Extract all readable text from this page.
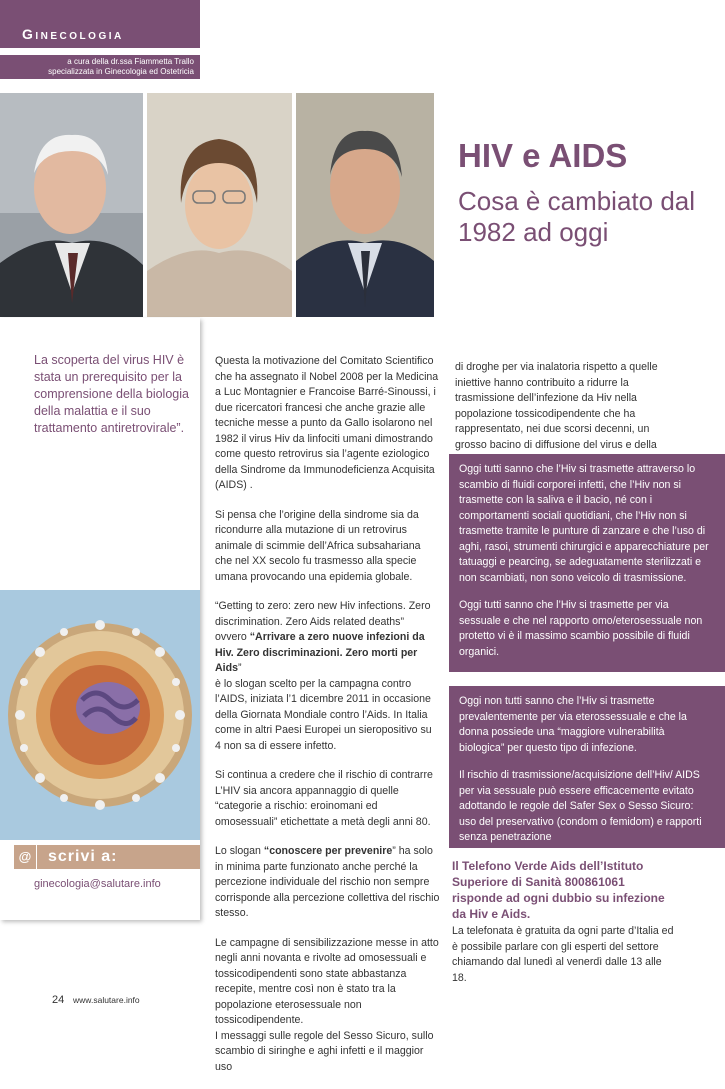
Ginecologia
a cura della dr.ssa Fiammetta Trallo
specializzata in Ginecologia ed Ostetricia
HIV e AIDS
Cosa è cambiato dal 1982 ad oggi
La scoperta del virus HIV è stata un prerequisito per la comprensione della biologia della malattia e il suo trattamento antiretrovirale”.
@	scrivi a:
ginecologia@salutare.info

Questa la motivazione del Comitato Scientifico che ha assegnato il Nobel 2008 per la Medicina a Luc Montagnier e Francoise Barré-Sinoussi, i due ricercatori francesi che anche grazie alle tecniche messe a punto da Gallo isolarono nel 1982 il virus Hiv da linfociti umani dimostrando come questo retrovirus sia l’agente eziologico della Sindrome da Immunodeficienza Acquisita (AIDS) .

Si pensa che l’origine della sindrome sia da ricondurre alla mutazione di un retrovirus animale di scimmie dell’Africa subsahariana che nel XX secolo fu trasmesso alla specie umana provocando una epidemia globale.

“Getting to zero: zero new Hiv infections. Zero discrimination. Zero Aids related deaths”
ovvero “Arrivare a zero nuove infezioni da Hiv. Zero discriminazioni. Zero morti per Aids”
è lo slogan scelto per la campagna contro l’AIDS, iniziata l’1 dicembre 2011 in occasione della Giornata Mondiale contro l’Aids. In Italia come in altri Paesi Europei un sieropositivo su 4 non sa di essere infetto.

Si continua a credere che il rischio di contrarre L’HIV sia ancora appannaggio di quelle “categorie a rischio: eroinomani ed omosessuali” etichettate a metà degli anni 80.

Lo slogan “conoscere per prevenire” ha solo in minima parte funzionato anche perché la percezione individuale del rischio non sempre corrisponde alla percezione collettiva del rischio stesso.

Le campagne di sensibilizzazione messe in atto negli anni novanta e rivolte ad omosessuali e tossicodipendenti sono state abbastanza recepite, mentre così non è stato tra la popolazione eterosessuale non tossicodipendente.

I messaggi sulle regole del Sesso Sicuro, sullo scambio di siringhe e aghi infetti e il maggior uso

di droghe per via inalatoria rispetto a quelle iniettive hanno contribuito a ridurre la trasmissione dell’infezione da Hiv nella popolazione tossicodipendente che ha rappresentato, nei due scorsi decenni, un grosso bacino di diffusione del virus e della

Oggi tutti sanno che l’Hiv si trasmette attraverso lo scambio di fluidi corporei infetti, che l’Hiv non si trasmette con la saliva e il bacio, né con i comportamenti sociali quotidiani, che l’Hiv non si trasmette tramite le punture di zanzare e che l’uso di aghi, rasoi, strumenti chirurgici e apparecchiature per tatuaggi e pearcing, se adeguatamente sterilizzati e non scambiati, non sono veicolo di trasmissione.

Oggi tutti sanno che l’Hiv si trasmette per via sessuale e che nel rapporto omo/eterosessuale non protetto vi è il massimo scambio possibile di fluidi organici.

Oggi non tutti sanno che l’Hiv si trasmette prevalentemente per via eterossessuale e che la donna possiede una “maggiore vulnerabilità biologica” per questo tipo di infezione.

Il rischio di trasmissione/acquisizione dell’Hiv/ AIDS per via sessuale può essere efficacemente evitato adottando le regole del Safer Sex o Sesso Sicuro: uso del preservativo (condom o femidom) e rapporti senza penetrazione

Il Telefono Verde Aids dell’Istituto Superiore di Sanità 800861061 risponde ad ogni dubbio su infezione da Hiv e Aids.
La telefonata è gratuita da ogni parte d’Italia ed è possibile parlare con gli esperti del settore chiamando dal lunedì al venerdì dalle 13 alle 18.
24 www.salutare.info
